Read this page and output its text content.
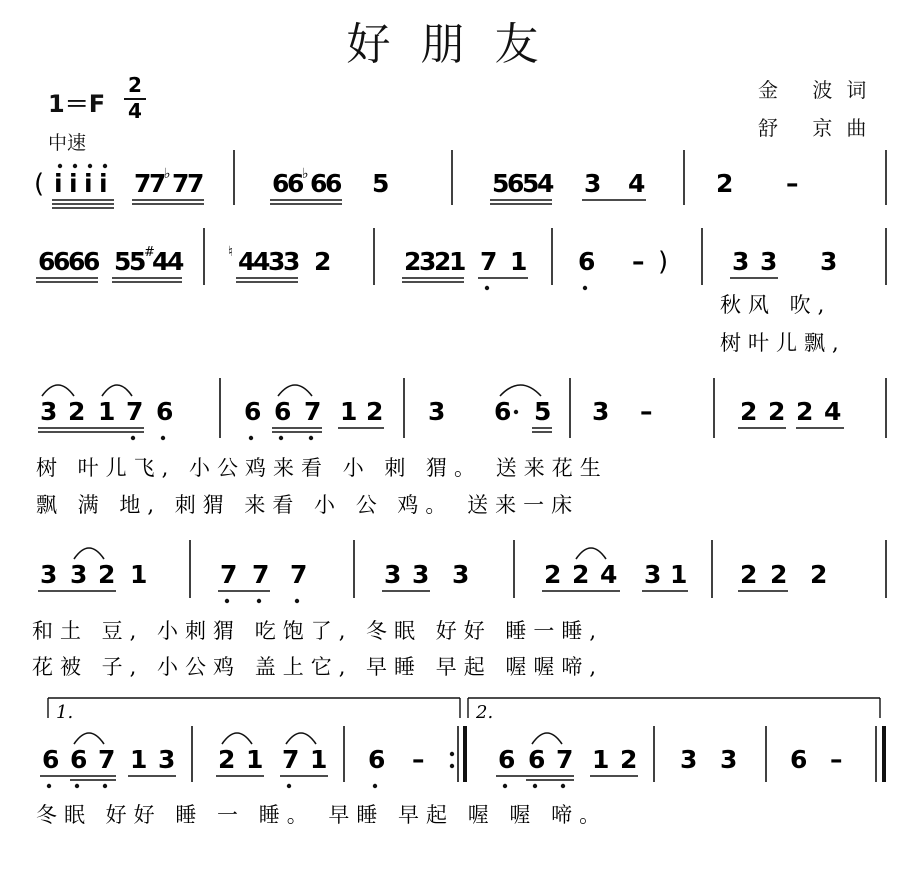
好朋友
1＝F
中速
金 波词
舒 京曲
2
4
( i i i i 7
7
♭ 7
7	6
6
♭ 6
6 5	5
6
5
4 3 4	2 –
6
6
6
6 5
5
#
4
4	♮ 4
4
3
3 2	2
3
2
1 7 1 6 – )	3 3 3
秋风 吹,
树叶儿飘,
3 2 1 7 6	6 6 7 1 2 3 6 5 3 –	2 2 2 4
树 叶儿飞, 小公鸡来看 小 刺 猬。 送来花生
飘 满 地, 刺猬 来看 小 公 鸡。 送来一床
3 3 2 1	7 7 7	3 3 3	2 2 4 3 1 2 2 2
和土 豆, 小刺猬 吃饱了, 冬眠 好好 睡一睡,
花被 子, 小公鸡 盖上它, 早睡 早起 喔喔啼,
1.	2.
6 6 7 1 3 2 1 7 1 6 –	6 6 7 1 2 3 3 6 –
冬眠 好好 睡 一 睡。 早睡 早起 喔 喔 啼。
